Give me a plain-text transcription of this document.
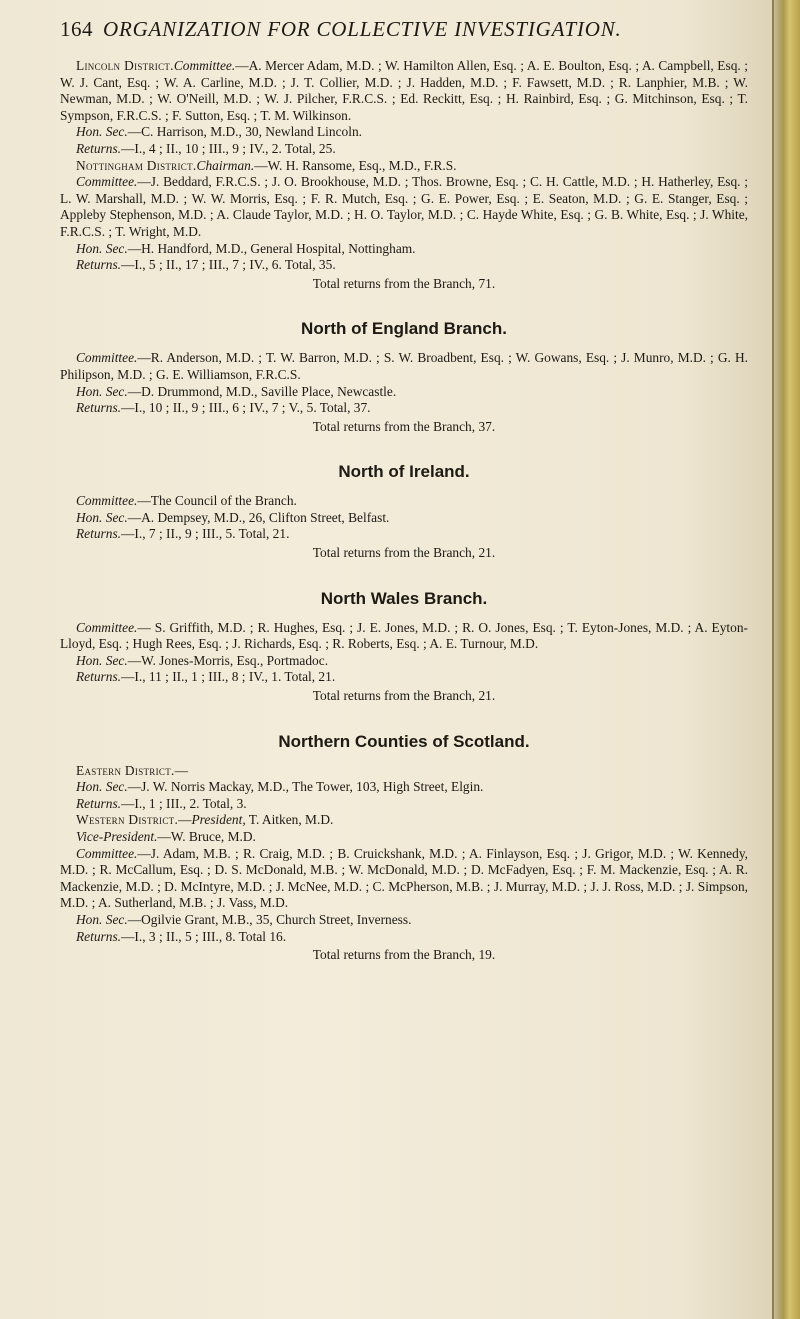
164 ORGANIZATION FOR COLLECTIVE INVESTIGATION.

Lincoln District.Committee.—A. Mercer Adam, M.D. ; W. Hamilton Allen, Esq. ; A. E. Boulton, Esq. ; A. Campbell, Esq. ; W. J. Cant, Esq. ; W. A. Carline, M.D. ; J. T. Collier, M.D. ; J. Hadden, M.D. ; F. Fawsett, M.D. ; R. Lanphier, M.B. ; W. Newman, M.D. ; W. O'Neill, M.D. ; W. J. Pilcher, F.R.C.S. ; Ed. Reckitt, Esq. ; H. Rainbird, Esq. ; G. Mitchinson, Esq. ; T. Sympson, F.R.C.S. ; F. Sutton, Esq. ; T. M. Wilkinson.

Hon. Sec.—C. Harrison, M.D., 30, Newland Lincoln.

Returns.—I., 4 ; II., 10 ; III., 9 ; IV., 2. Total, 25.

Nottingham District.Chairman.—W. H. Ransome, Esq., M.D., F.R.S.

Committee.—J. Beddard, F.R.C.S. ; J. O. Brookhouse, M.D. ; Thos. Browne, Esq. ; C. H. Cattle, M.D. ; H. Hatherley, Esq. ; L. W. Marshall, M.D. ; W. W. Morris, Esq. ; F. R. Mutch, Esq. ; G. E. Power, Esq. ; E. Seaton, M.D. ; G. E. Stanger, Esq. ; Appleby Stephenson, M.D. ; A. Claude Taylor, M.D. ; H. O. Taylor, M.D. ; C. Hayde White, Esq. ; G. B. White, Esq. ; J. White, F.R.C.S. ; T. Wright, M.D.

Hon. Sec.—H. Handford, M.D., General Hospital, Nottingham.

Returns.—I., 5 ; II., 17 ; III., 7 ; IV., 6. Total, 35.

Total returns from the Branch, 71.

North of England Branch.

Committee.—R. Anderson, M.D. ; T. W. Barron, M.D. ; S. W. Broadbent, Esq. ; W. Gowans, Esq. ; J. Munro, M.D. ; G. H. Philipson, M.D. ; G. E. Williamson, F.R.C.S.

Hon. Sec.—D. Drummond, M.D., Saville Place, Newcastle.

Returns.—I., 10 ; II., 9 ; III., 6 ; IV., 7 ; V., 5. Total, 37.

Total returns from the Branch, 37.

North of Ireland.

Committee.—The Council of the Branch.

Hon. Sec.—A. Dempsey, M.D., 26, Clifton Street, Belfast.

Returns.—I., 7 ; II., 9 ; III., 5. Total, 21.

Total returns from the Branch, 21.

North Wales Branch.

Committee.— S. Griffith, M.D. ; R. Hughes, Esq. ; J. E. Jones, M.D. ; R. O. Jones, Esq. ; T. Eyton-Jones, M.D. ; A. Eyton-Lloyd, Esq. ; Hugh Rees, Esq. ; J. Richards, Esq. ; R. Roberts, Esq. ; A. E. Turnour, M.D.

Hon. Sec.—W. Jones-Morris, Esq., Portmadoc.

Returns.—I., 11 ; II., 1 ; III., 8 ; IV., 1. Total, 21.

Total returns from the Branch, 21.

Northern Counties of Scotland.

Eastern District.—

Hon. Sec.—J. W. Norris Mackay, M.D., The Tower, 103, High Street, Elgin.

Returns.—I., 1 ; III., 2. Total, 3.

Western District.—President, T. Aitken, M.D.

Vice-President.—W. Bruce, M.D.

Committee.—J. Adam, M.B. ; R. Craig, M.D. ; B. Cruickshank, M.D. ; A. Finlayson, Esq. ; J. Grigor, M.D. ; W. Kennedy, M.D. ; R. McCallum, Esq. ; D. S. McDonald, M.B. ; W. McDonald, M.D. ; D. McFadyen, Esq. ; F. M. Mackenzie, Esq. ; A. R. Mackenzie, M.D. ; D. McIntyre, M.D. ; J. McNee, M.D. ; C. McPherson, M.B. ; J. Murray, M.D. ; J. J. Ross, M.D. ; J. Simpson, M.D. ; A. Sutherland, M.B. ; J. Vass, M.D.

Hon. Sec.—Ogilvie Grant, M.B., 35, Church Street, Inverness.

Returns.—I., 3 ; II., 5 ; III., 8. Total 16.

Total returns from the Branch, 19.
